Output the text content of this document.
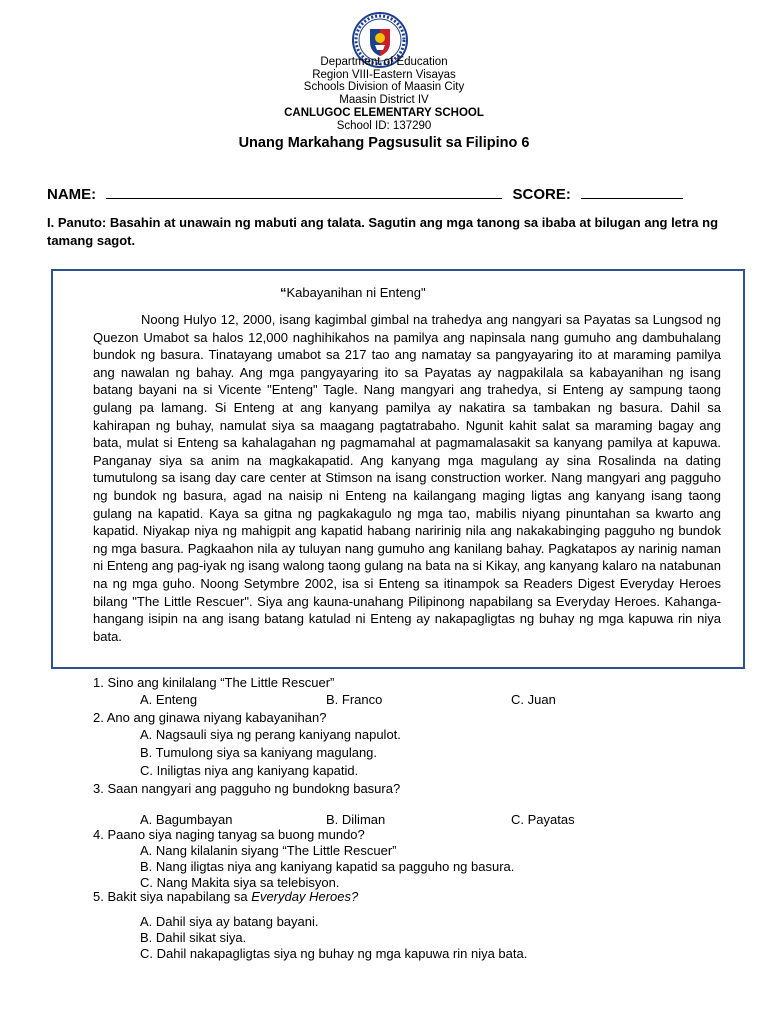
Department of Education
Region VIII-Eastern Visayas
Schools Division of Maasin City
Maasin District IV
CANLUGOC ELEMENTARY SCHOOL
School ID: 137290
Unang Markahang Pagsusulit sa Filipino 6
NAME:	SCORE:
I. Panuto: Basahin at unawain ng mabuti ang talata. Sagutin ang mga tanong sa ibaba at bilugan ang letra ng tamang sagot.
“Kabayanihan ni Enteng"

Noong Hulyo 12, 2000, isang kagimbal gimbal na trahedya ang nangyari sa Payatas sa Lungsod ng Quezon Umabot sa halos 12,000 naghihikahos na pamilya ang napinsala nang gumuho ang dambuhalang bundok ng basura. Tinatayang umabot sa 217 tao ang namatay sa pangyayaring ito at maraming pamilya ang nawalan ng bahay. Ang mga pangyayaring ito sa Payatas ay nagpakilala sa kabayanihan ng isang batang bayani na si Vicente "Enteng" Tagle. Nang mangyari ang trahedya, si Enteng ay sampung taong gulang pa lamang. Si Enteng at ang kanyang pamilya ay nakatira sa tambakan ng basura. Dahil sa kahirapan ng buhay, namulat siya sa maagang pagtatrabaho. Ngunit kahit salat sa maraming bagay ang bata, mulat si Enteng sa kahalagahan ng pagmamahal at pagmamalasakit sa kanyang pamilya at kapuwa. Panganay siya sa anim na magkakapatid. Ang kanyang mga magulang ay sina Rosalinda na dating tumutulong sa isang day care center at Stimson na isang construction worker. Nang mangyari ang pagguho ng bundok ng basura, agad na naisip ni Enteng na kailangang maging ligtas ang kanyang isang taong gulang na kapatid. Kaya sa gitna ng pagkakagulo ng mga tao, mabilis niyang pinuntahan sa kwarto ang kapatid. Niyakap niya ng mahigpit ang kapatid habang naririnig nila ang nakakabinging pagguho ng bundok ng mga basura. Pagkaahon nila ay tuluyan nang gumuho ang kanilang bahay. Pagkatapos ay narinig naman ni Enteng ang pag-iyak ng isang walong taong gulang na bata na si Kikay, ang kanyang kalaro na natabunan na ng mga guho. Noong Setymbre 2002, isa si Enteng sa itinampok sa Readers Digest Everyday Heroes bilang "The Little Rescuer". Siya ang kauna-unahang Pilipinong napabilang sa Everyday Heroes. Kahanga-hangang isipin na ang isang batang katulad ni Enteng ay nakapagligtas ng buhay ng mga kapuwa rin niya bata.

1. Sino ang kinilalang “The Little Rescuer”
A. Enteng	B. Franco	C. Juan
2. Ano ang ginawa niyang kabayanihan?
A. Nagsauli siya ng perang kaniyang napulot.
B. Tumulong siya sa kaniyang magulang.
C. Iniligtas niya ang kaniyang kapatid.
3. Saan nangyari ang pagguho ng bundokng basura?
A. Bagumbayan	B. Diliman	C. Payatas
4. Paano siya naging tanyag sa buong mundo?
A. Nang kilalanin siyang “The Little Rescuer”
B. Nang iligtas niya ang kaniyang kapatid sa pagguho ng basura.
C. Nang Makita siya sa telebisyon.
5. Bakit siya napabilang sa Everyday Heroes?
A. Dahil siya ay batang bayani.
B. Dahil sikat siya.
C. Dahil nakapagligtas siya ng buhay ng mga kapuwa rin niya bata.
